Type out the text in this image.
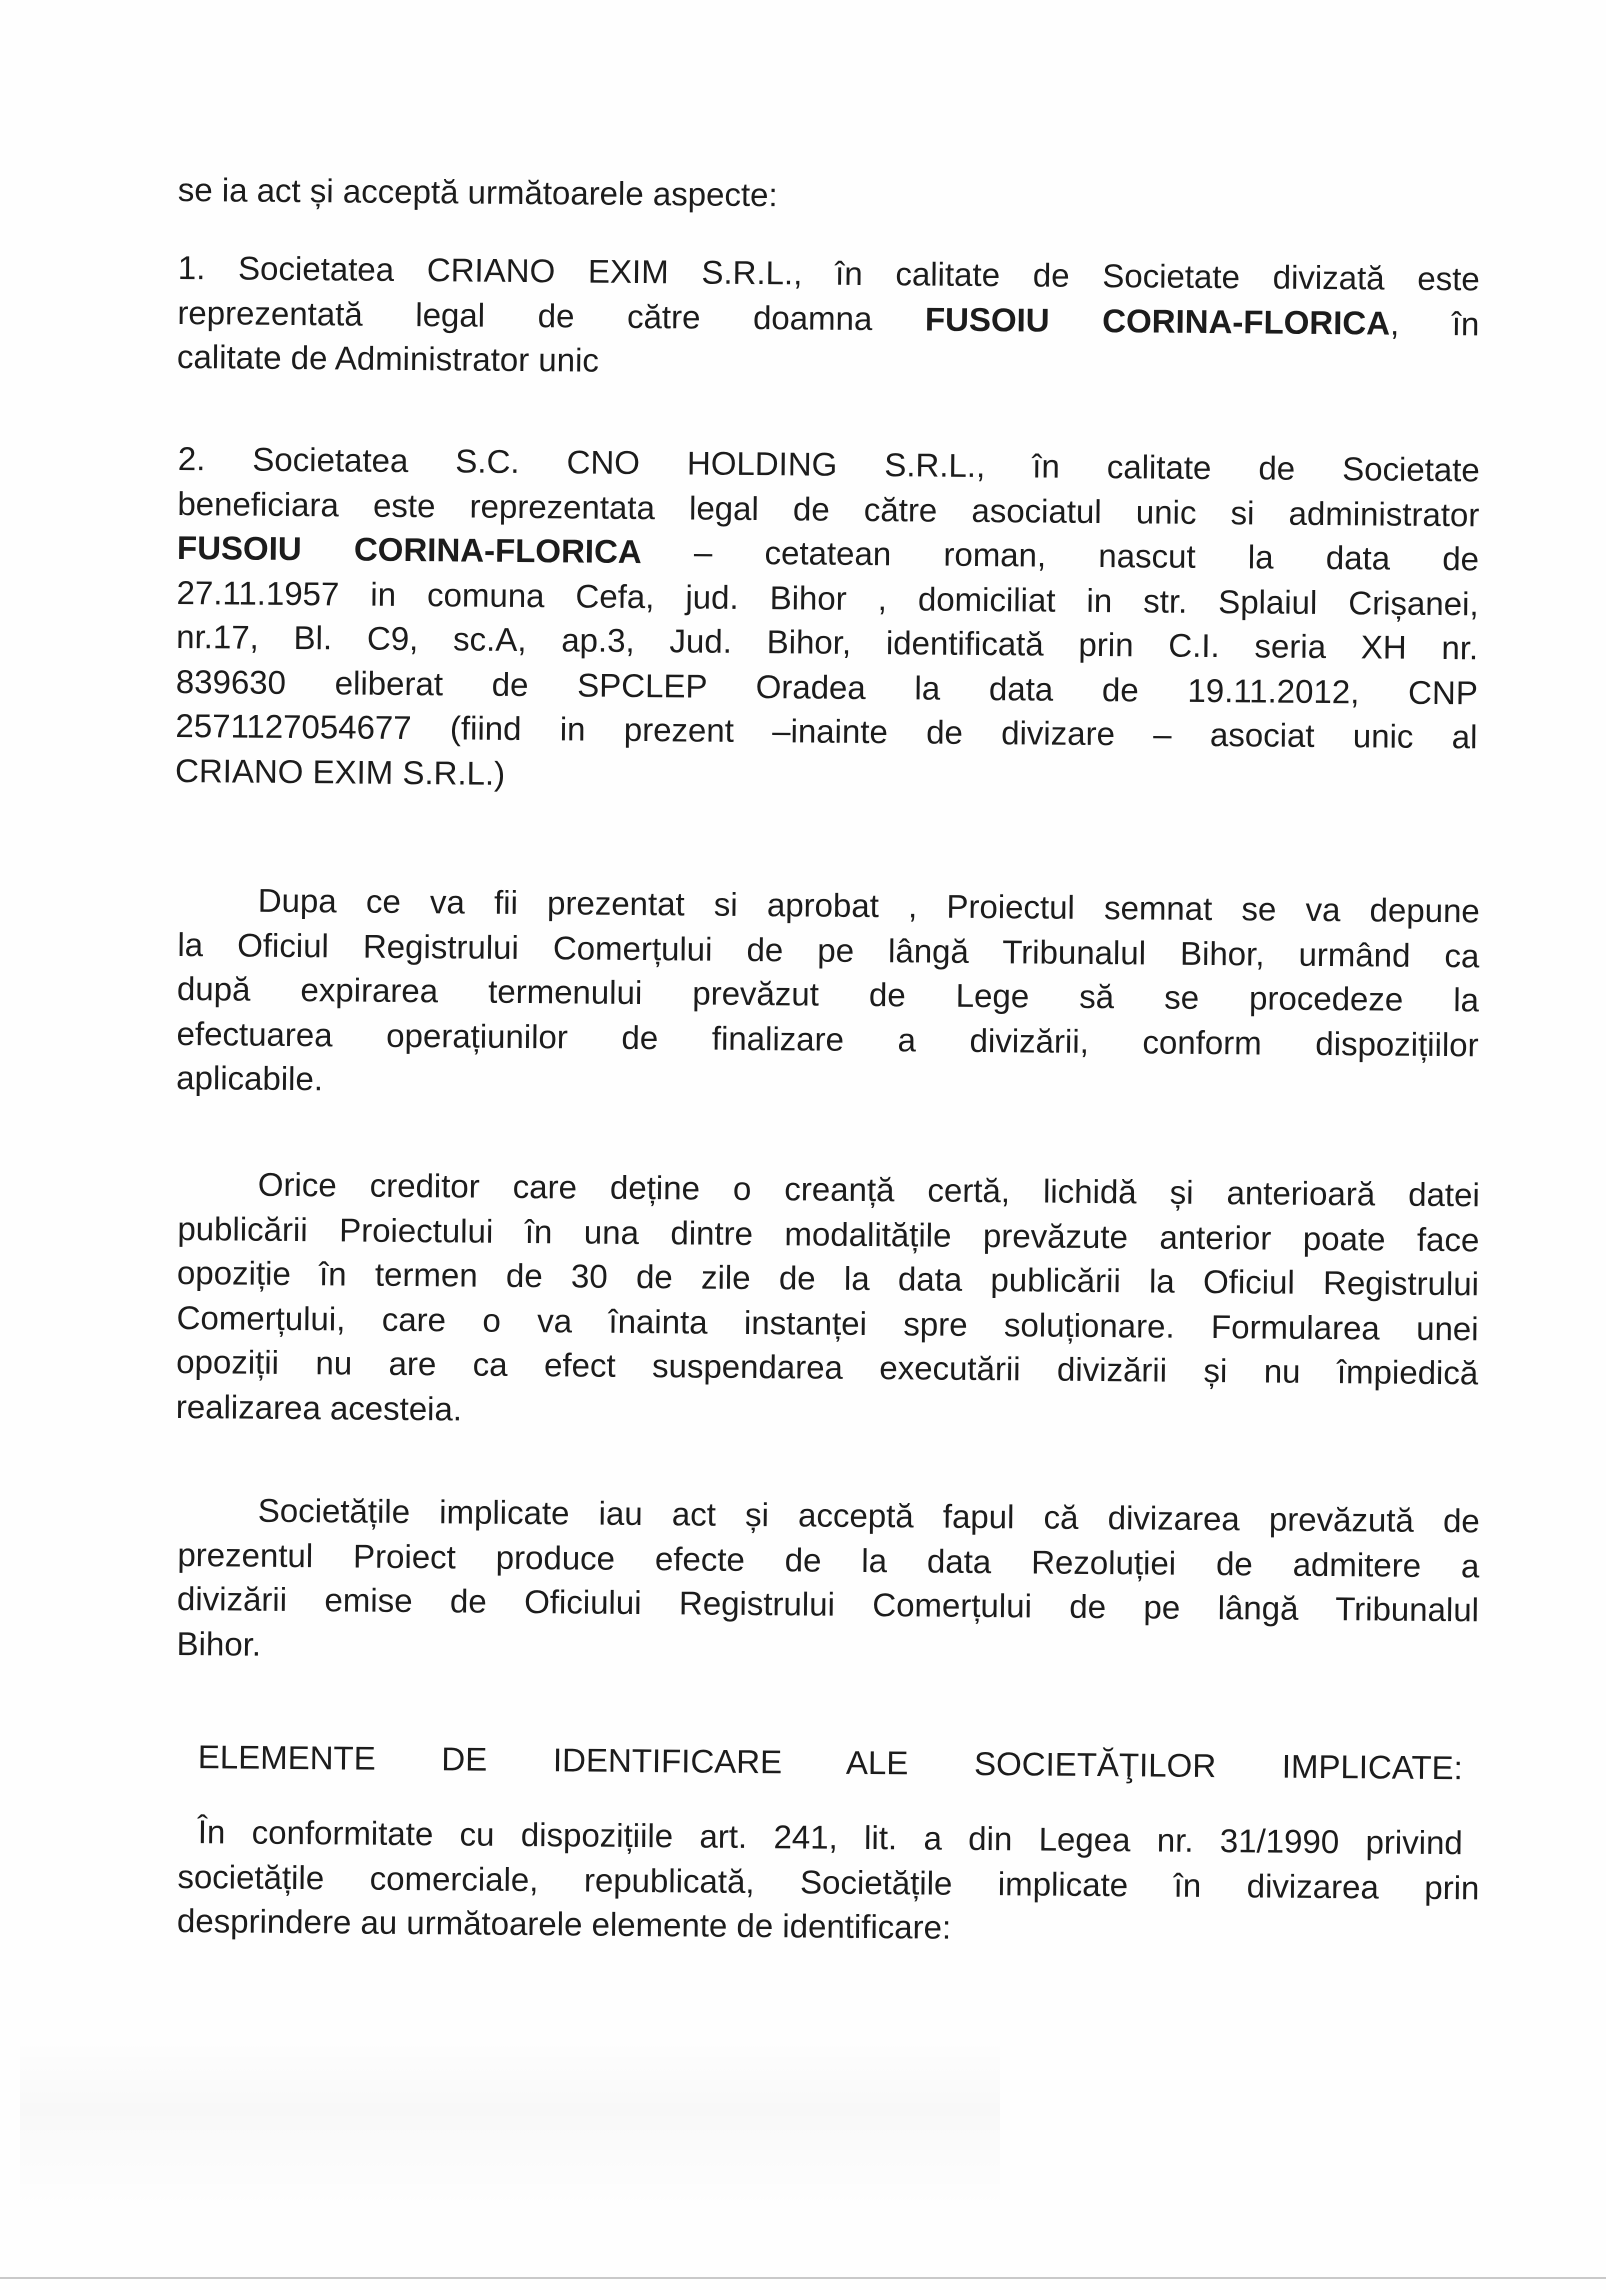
se ia act și acceptă următoarele aspecte:
1. Societatea CRIANO EXIM S.R.L., în calitate de Societate divizată este
reprezentată legal de către doamna FUSOIU CORINA-FLORICA, în
calitate de Administrator unic
2. Societatea S.C. CNO HOLDING S.R.L., în calitate de Societate
beneficiara este reprezentata legal de către asociatul unic si administrator
FUSOIU CORINA-FLORICA – cetatean roman, nascut la data de
27.11.1957 in comuna Cefa, jud. Bihor , domiciliat in str. Splaiul Crișanei,
nr.17, Bl. C9, sc.A, ap.3, Jud. Bihor, identificată prin C.I. seria XH nr.
839630 eliberat de SPCLEP Oradea la data de 19.11.2012, CNP
2571127054677 (fiind in prezent –inainte de divizare – asociat unic al
CRIANO EXIM S.R.L.)
Dupa ce va fii prezentat si aprobat , Proiectul semnat se va depune
la Oficiul Registrului Comerțului de pe lângă Tribunalul Bihor, urmând ca
după expirarea termenului prevăzut de Lege să se procedeze la
efectuarea operațiunilor de finalizare a divizării, conform dispozițiilor
aplicabile.
Orice creditor care deține o creanță certă, lichidă și anterioară datei
publicării Proiectului în una dintre modalitățile prevăzute anterior poate face
opoziție în termen de 30 de zile de la data publicării la Oficiul Registrului
Comerțului, care o va înainta instanței spre soluționare. Formularea unei
opoziții nu are ca efect suspendarea executării divizării și nu împiedică
realizarea acesteia.
Societățile implicate iau act și acceptă fapul că divizarea prevăzută de
prezentul Proiect produce efecte de la data Rezoluției de admitere a
divizării emise de Oficiului Registrului Comerțului de pe lângă Tribunalul
Bihor.
ELEMENTE DE IDENTIFICARE ALE SOCIETĂŢILOR IMPLICATE:
În conformitate cu dispozițiile art. 241, lit. a din Legea nr. 31/1990 privind
societățile comerciale, republicată, Societățile implicate în divizarea prin
desprindere au următoarele elemente de identificare:
